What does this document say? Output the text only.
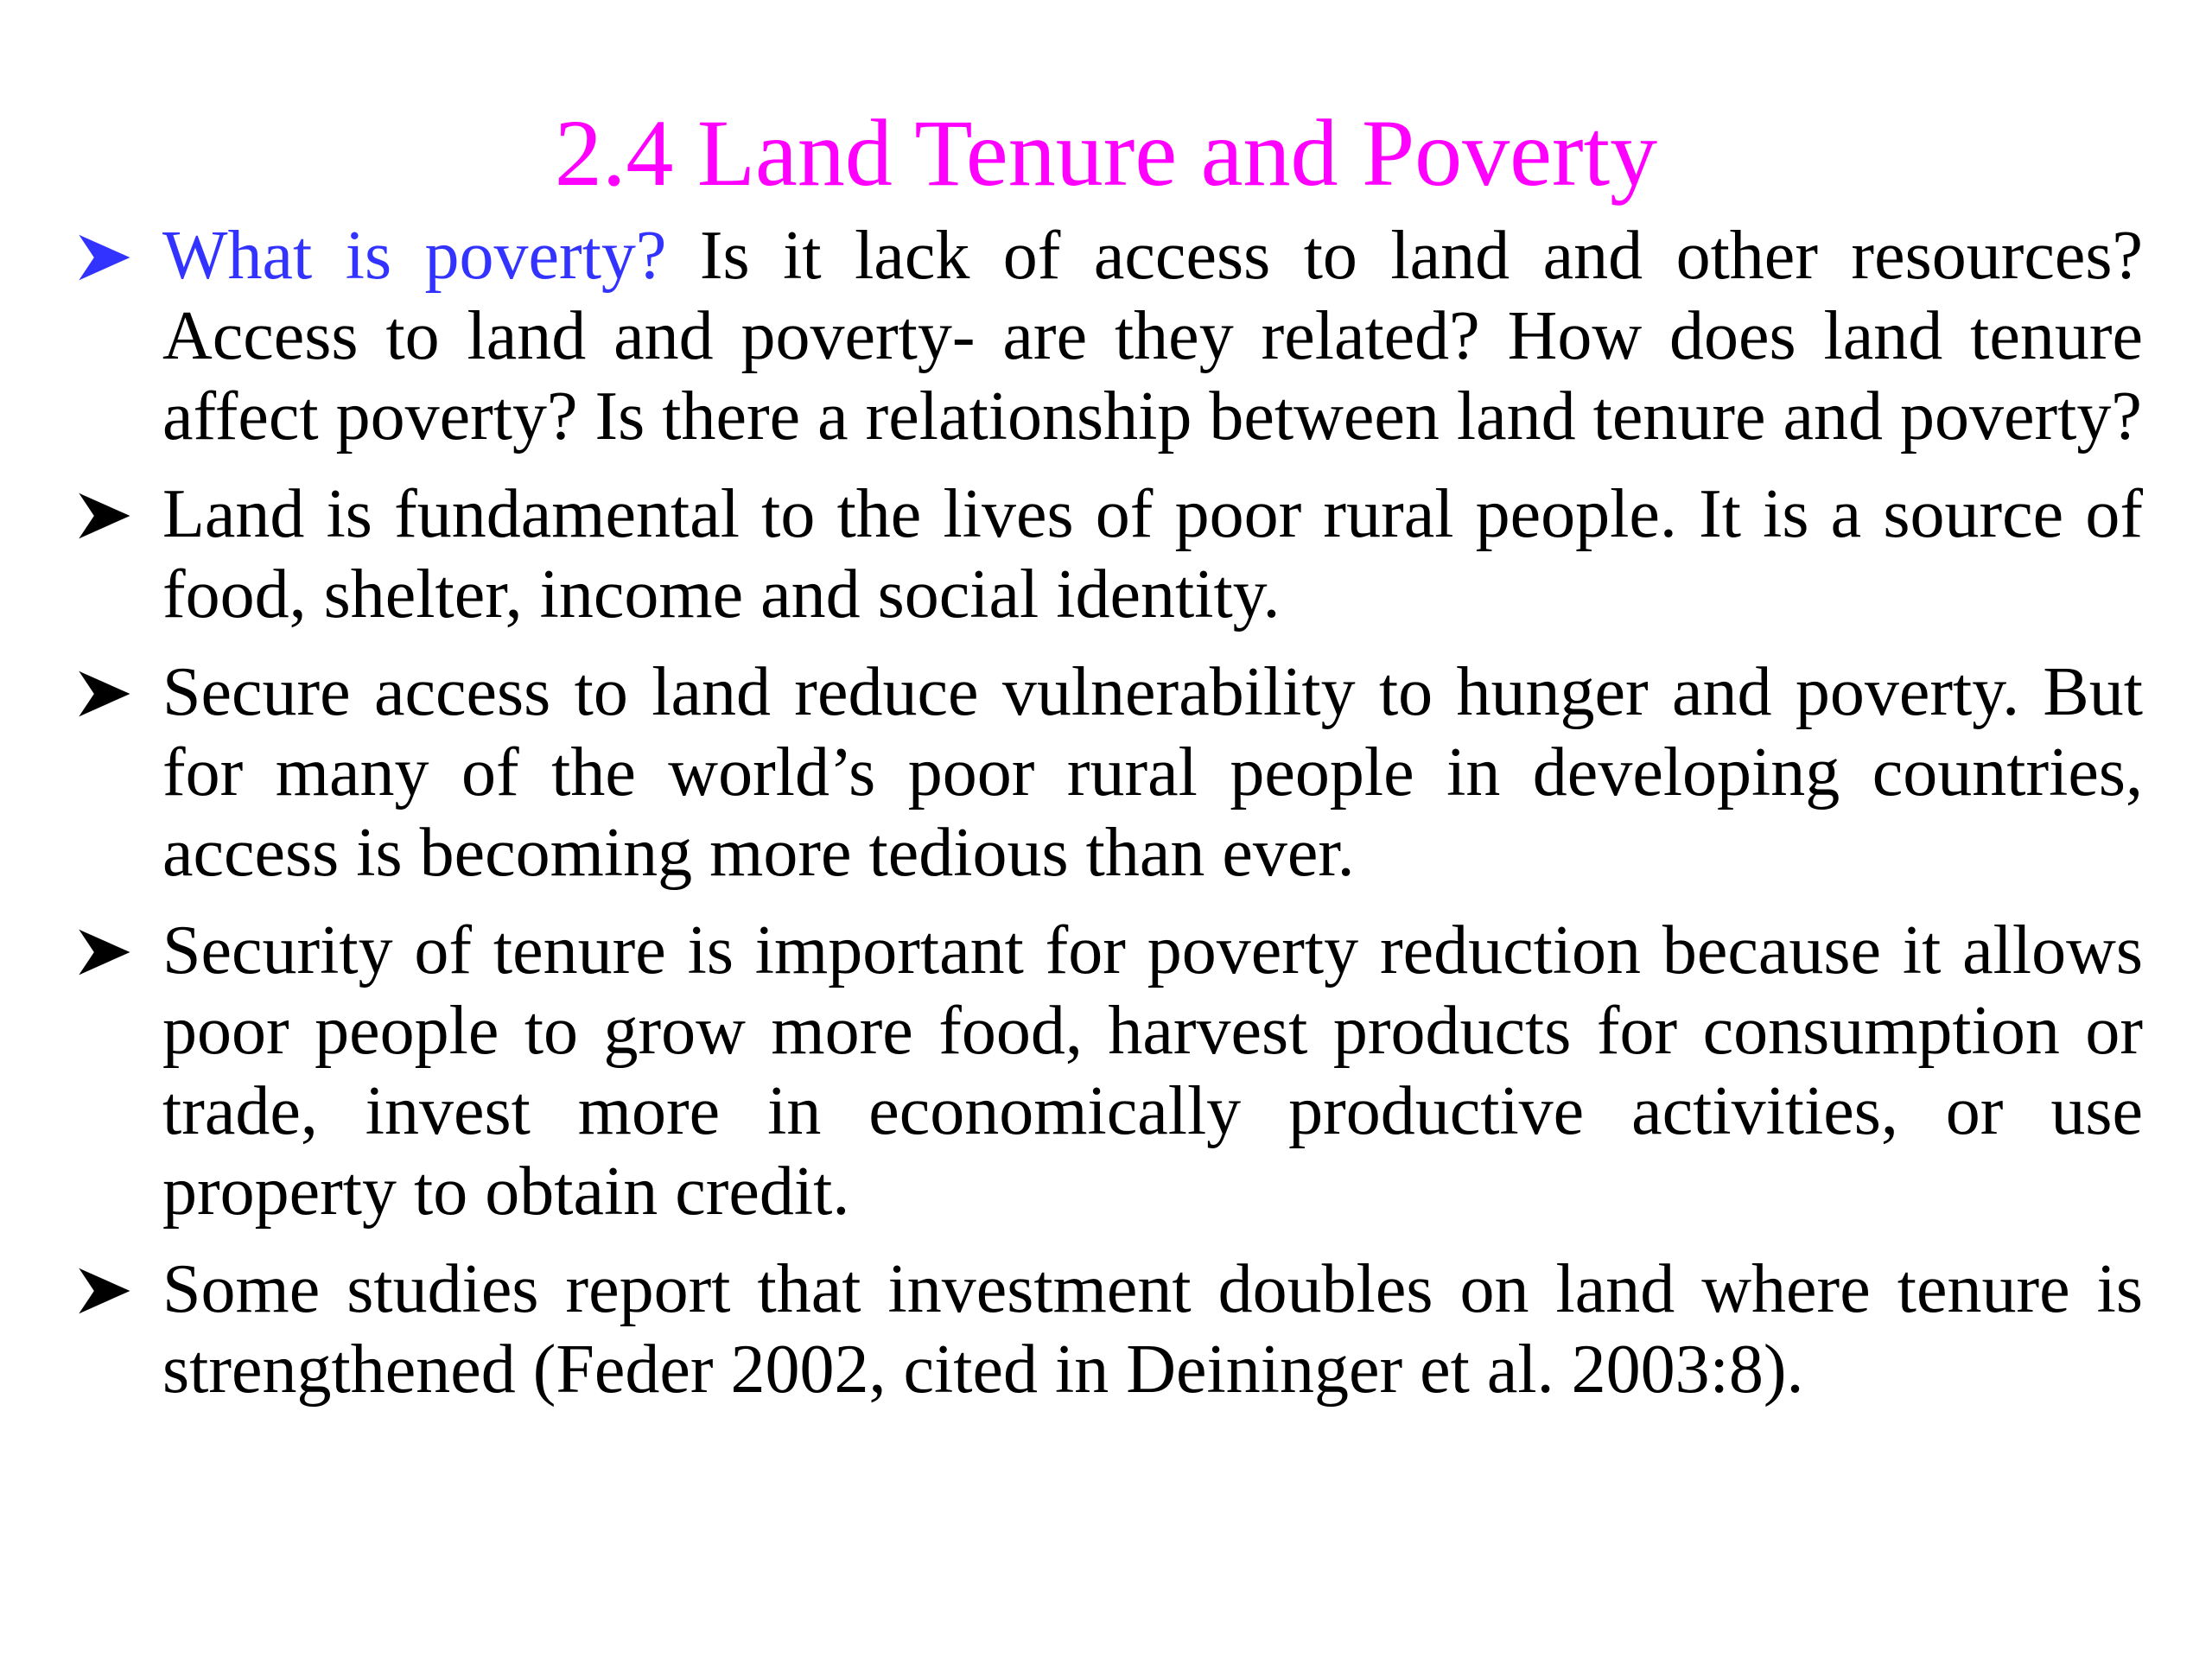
2.4 Land Tenure and Poverty
What is poverty? Is it lack of access to land and other resources? Access to land and poverty- are they related? How does land tenure affect poverty? Is there a relationship between land tenure and poverty?
Land is fundamental to the lives of poor rural people. It is a source of food, shelter, income and social identity.
Secure access to land reduce vulnerability to hunger and poverty. But for many of the world’s poor rural people in developing countries, access is becoming more tedious than ever.
Security of tenure is important for poverty reduction because it allows poor people to grow more food, harvest products for consumption or trade, invest more in economically productive activities, or use property to obtain credit.
Some studies report that investment doubles on land where tenure is strengthened (Feder 2002, cited in Deininger et al. 2003:8).
